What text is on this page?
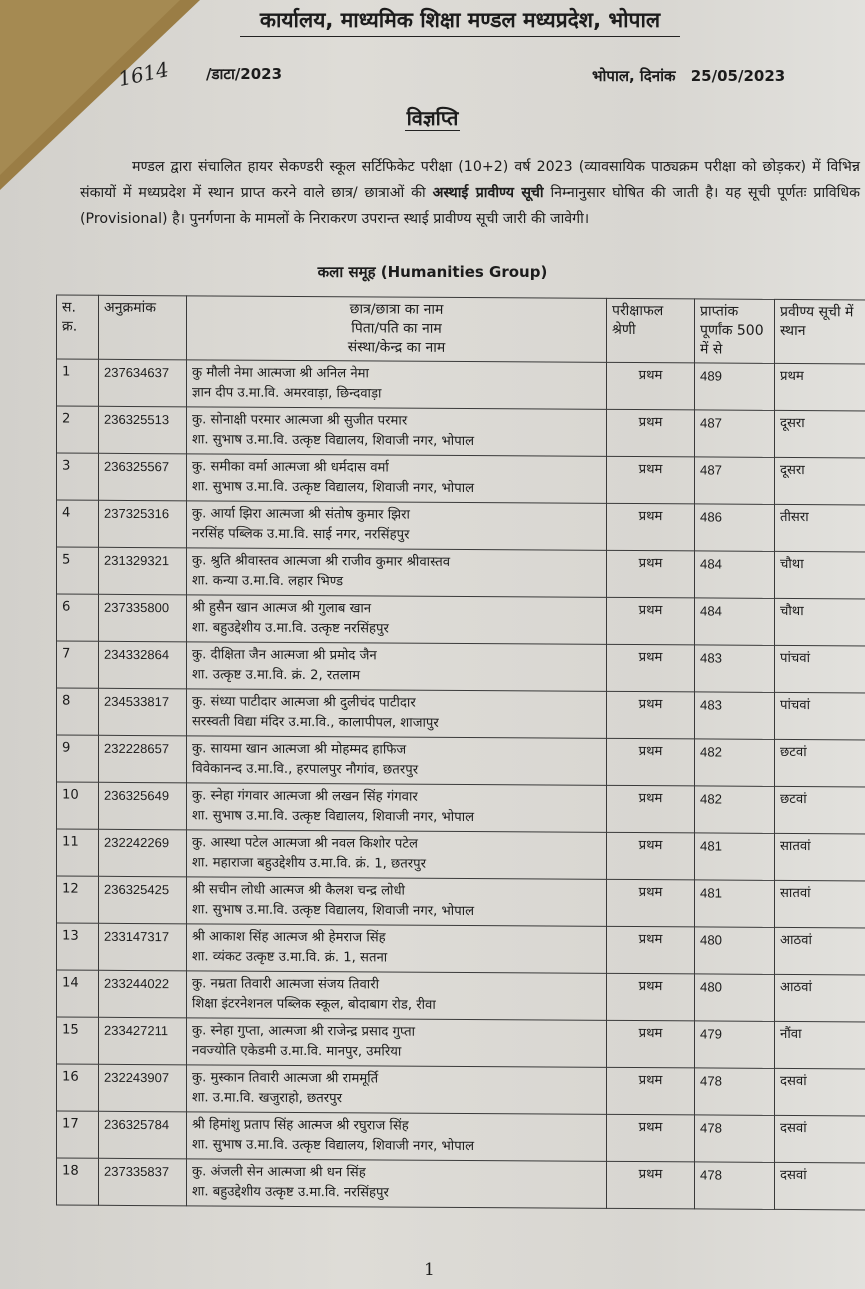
कार्यालय, माध्यमिक शिक्षा मण्डल मध्यप्रदेश, भोपाल
1614 /डाटा/2023	भोपाल, दिनांक 25/05/2023
विज्ञप्ति
मण्डल द्वारा संचालित हायर सेकण्डरी स्कूल सर्टिफिकेट परीक्षा (10+2) वर्ष 2023 (व्यावसायिक पाठ्यक्रम परीक्षा को छोड़कर) में विभिन्न संकायों में मध्यप्रदेश में स्थान प्राप्त करने वाले छात्र/ छात्राओं की अस्थाई प्रावीण्य सूची निम्नानुसार घोषित की जाती है। यह सूची पूर्णतः प्राविधिक (Provisional) है। पुनर्गणना के मामलों के निराकरण उपरान्त स्थाई प्रावीण्य सूची जारी की जावेगी।
कला समूह (Humanities Group)
स. क्र.	अनुक्रमांक	छात्र/छात्रा का नाम
पिता/पति का नाम
संस्था/केन्द्र का नाम	परीक्षाफल श्रेणी	प्राप्तांक पूर्णांक 500 में से	प्रवीण्य सूची में स्थान
1	237634637	कु मौली नेमा आत्मजा श्री अनिल नेमा
ज्ञान दीप उ.मा.वि. अमरवाड़ा, छिन्दवाड़ा	प्रथम	489	प्रथम
2	236325513	कु. सोनाक्षी परमार आत्मजा श्री सुजीत परमार
शा. सुभाष उ.मा.वि. उत्कृष्ट विद्यालय, शिवाजी नगर, भोपाल	प्रथम	487	दूसरा
3	236325567	कु. समीका वर्मा आत्मजा श्री धर्मदास वर्मा
शा. सुभाष उ.मा.वि. उत्कृष्ट विद्यालय, शिवाजी नगर, भोपाल	प्रथम	487	दूसरा
4	237325316	कु. आर्या झिरा आत्मजा श्री संतोष कुमार झिरा
नरसिंह पब्लिक उ.मा.वि. साई नगर, नरसिंहपुर	प्रथम	486	तीसरा
5	231329321	कु. श्रुति श्रीवास्तव आत्मजा श्री राजीव कुमार श्रीवास्तव
शा. कन्या उ.मा.वि. लहार भिण्ड	प्रथम	484	चौथा
6	237335800	श्री हुसैन खान आत्मज श्री गुलाब खान
शा. बहुउद्देशीय उ.मा.वि. उत्कृष्ट नरसिंहपुर	प्रथम	484	चौथा
7	234332864	कु. दीक्षिता जैन आत्मजा श्री प्रमोद जैन
शा. उत्कृष्ट उ.मा.वि. क्रं. 2, रतलाम	प्रथम	483	पांचवां
8	234533817	कु. संध्या पाटीदार आत्मजा श्री दुलीचंद पाटीदार
सरस्वती विद्या मंदिर उ.मा.वि., कालापीपल, शाजापुर	प्रथम	483	पांचवां
9	232228657	कु. सायमा खान आत्मजा श्री मोहम्मद हाफिज
विवेकानन्द उ.मा.वि., हरपालपुर नौगांव, छतरपुर	प्रथम	482	छटवां
10	236325649	कु. स्नेहा गंगवार आत्मजा श्री लखन सिंह गंगवार
शा. सुभाष उ.मा.वि. उत्कृष्ट विद्यालय, शिवाजी नगर, भोपाल	प्रथम	482	छटवां
11	232242269	कु. आस्था पटेल आत्मजा श्री नवल किशोर पटेल
शा. महाराजा बहुउद्देशीय उ.मा.वि. क्रं. 1, छतरपुर	प्रथम	481	सातवां
12	236325425	श्री सचीन लोधी आत्मज श्री कैलश चन्द्र लोधी
शा. सुभाष उ.मा.वि. उत्कृष्ट विद्यालय, शिवाजी नगर, भोपाल	प्रथम	481	सातवां
13	233147317	श्री आकाश सिंह आत्मज श्री हेमराज सिंह
शा. व्यंकट उत्कृष्ट उ.मा.वि. क्रं. 1, सतना	प्रथम	480	आठवां
14	233244022	कु. नम्रता तिवारी आत्मजा संजय तिवारी
शिक्षा इंटरनेशनल पब्लिक स्कूल, बोदाबाग रोड, रीवा	प्रथम	480	आठवां
15	233427211	कु. स्नेहा गुप्ता, आत्मजा श्री राजेन्द्र प्रसाद गुप्ता
नवज्योति एकेडमी उ.मा.वि. मानपुर, उमरिया	प्रथम	479	नौंवा
16	232243907	कु. मुस्कान तिवारी आत्मजा श्री राममूर्ति
शा. उ.मा.वि. खजुराहो, छतरपुर	प्रथम	478	दसवां
17	236325784	श्री हिमांशु प्रताप सिंह आत्मज श्री रघुराज सिंह
शा. सुभाष उ.मा.वि. उत्कृष्ट विद्यालय, शिवाजी नगर, भोपाल	प्रथम	478	दसवां
18	237335837	कु. अंजली सेन आत्मजा श्री धन सिंह
शा. बहुउद्देशीय उत्कृष्ट उ.मा.वि. नरसिंहपुर	प्रथम	478	दसवां
1
